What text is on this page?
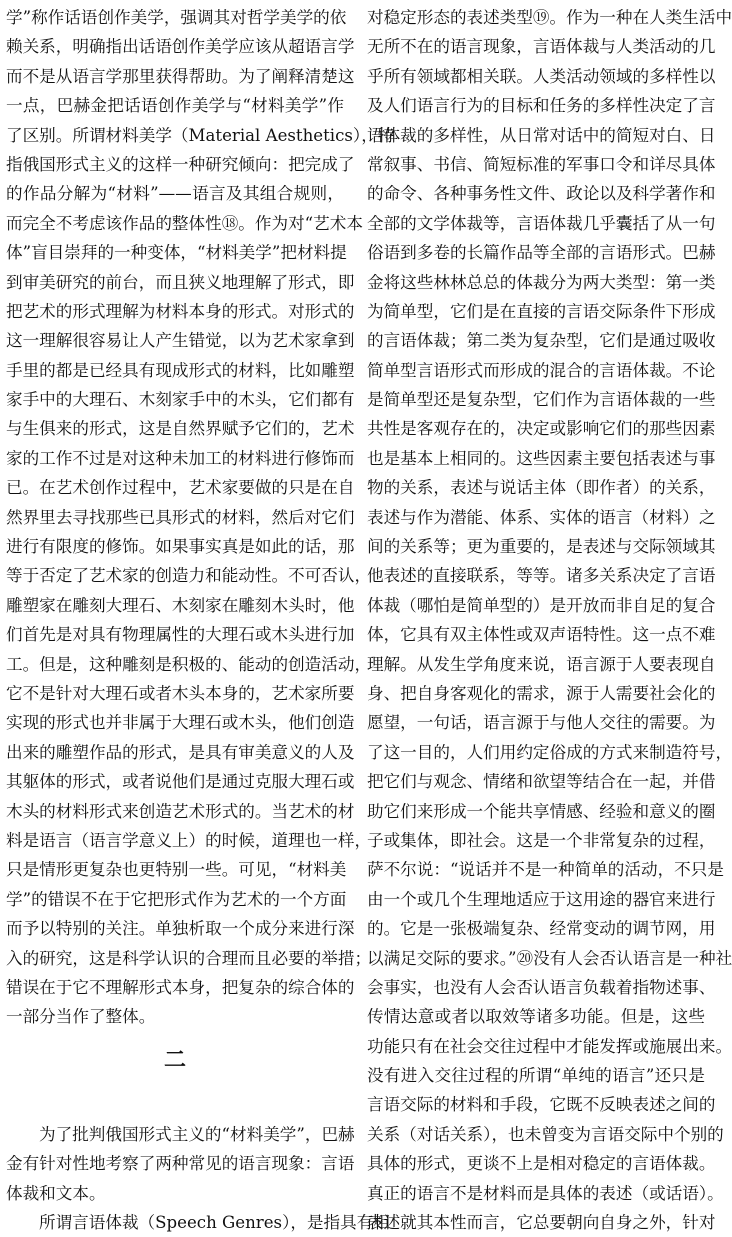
学”称作话语创作美学，强调其对哲学美学的依
赖关系，明确指出话语创作美学应该从超语言学
而不是从语言学那里获得帮助。为了阐释清楚这
一点，巴赫金把话语创作美学与“材料美学”作
了区别。所谓材料美学（Material Aesthetics），特
指俄国形式主义的这样一种研究倾向：把完成了
的作品分解为“材料”——语言及其组合规则，
而完全不考虑该作品的整体性⑱。作为对“艺术本
体”盲目崇拜的一种变体，“材料美学”把材料提
到审美研究的前台，而且狭义地理解了形式，即
把艺术的形式理解为材料本身的形式。对形式的
这一理解很容易让人产生错觉，以为艺术家拿到
手里的都是已经具有现成形式的材料，比如雕塑
家手中的大理石、木刻家手中的木头，它们都有
与生俱来的形式，这是自然界赋予它们的，艺术
家的工作不过是对这种未加工的材料进行修饰而
已。在艺术创作过程中，艺术家要做的只是在自
然界里去寻找那些已具形式的材料，然后对它们
进行有限度的修饰。如果事实真是如此的话，那
等于否定了艺术家的创造力和能动性。不可否认，
雕塑家在雕刻大理石、木刻家在雕刻木头时，他
们首先是对具有物理属性的大理石或木头进行加
工。但是，这种雕刻是积极的、能动的创造活动，
它不是针对大理石或者木头本身的，艺术家所要
实现的形式也并非属于大理石或木头，他们创造
出来的雕塑作品的形式，是具有审美意义的人及
其躯体的形式，或者说他们是通过克服大理石或
木头的材料形式来创造艺术形式的。当艺术的材
料是语言（语言学意义上）的时候，道理也一样，
只是情形更复杂也更特别一些。可见，“材料美
学”的错误不在于它把形式作为艺术的一个方面
而予以特别的关注。单独析取一个成分来进行深
入的研究，这是科学认识的合理而且必要的举措；
错误在于它不理解形式本身，把复杂的综合体的
一部分当作了整体。
二
为了批判俄国形式主义的“材料美学”，巴赫
金有针对性地考察了两种常见的语言现象：言语
体裁和文本。
所谓言语体裁（Speech Genres），是指具有相
对稳定形态的表述类型⑲。作为一种在人类生活中
无所不在的语言现象，言语体裁与人类活动的几
乎所有领域都相关联。人类活动领域的多样性以
及人们语言行为的目标和任务的多样性决定了言
语体裁的多样性，从日常对话中的简短对白、日
常叙事、书信、简短标准的军事口令和详尽具体
的命令、各种事务性文件、政论以及科学著作和
全部的文学体裁等，言语体裁几乎囊括了从一句
俗语到多卷的长篇作品等全部的言语形式。巴赫
金将这些林林总总的体裁分为两大类型：第一类
为简单型，它们是在直接的言语交际条件下形成
的言语体裁；第二类为复杂型，它们是通过吸收
简单型言语形式而形成的混合的言语体裁。不论
是简单型还是复杂型，它们作为言语体裁的一些
共性是客观存在的，决定或影响它们的那些因素
也是基本上相同的。这些因素主要包括表述与事
物的关系，表述与说话主体（即作者）的关系，
表述与作为潜能、体系、实体的语言（材料）之
间的关系等；更为重要的，是表述与交际领域其
他表述的直接联系，等等。诸多关系决定了言语
体裁（哪怕是简单型的）是开放而非自足的复合
体，它具有双主体性或双声语特性。这一点不难
理解。从发生学角度来说，语言源于人要表现自
身、把自身客观化的需求，源于人需要社会化的
愿望，一句话，语言源于与他人交往的需要。为
了这一目的，人们用约定俗成的方式来制造符号，
把它们与观念、情绪和欲望等结合在一起，并借
助它们来形成一个能共享情感、经验和意义的圈
子或集体，即社会。这是一个非常复杂的过程，
萨不尔说：“说话并不是一种简单的活动，不只是
由一个或几个生理地适应于这用途的器官来进行
的。它是一张极端复杂、经常变动的调节网，用
以满足交际的要求。”⑳没有人会否认语言是一种社
会事实，也没有人会否认语言负载着指物述事、
传情达意或者以取效等诸多功能。但是，这些
功能只有在社会交往过程中才能发挥或施展出来。
没有进入交往过程的所谓“单纯的语言”还只是
言语交际的材料和手段，它既不反映表述之间的
关系（对话关系），也未曾变为言语交际中个别的
具体的形式，更谈不上是相对稳定的言语体裁。
真正的语言不是材料而是具体的表述（或话语）。
表述就其本性而言，它总要朝向自身之外，针对
